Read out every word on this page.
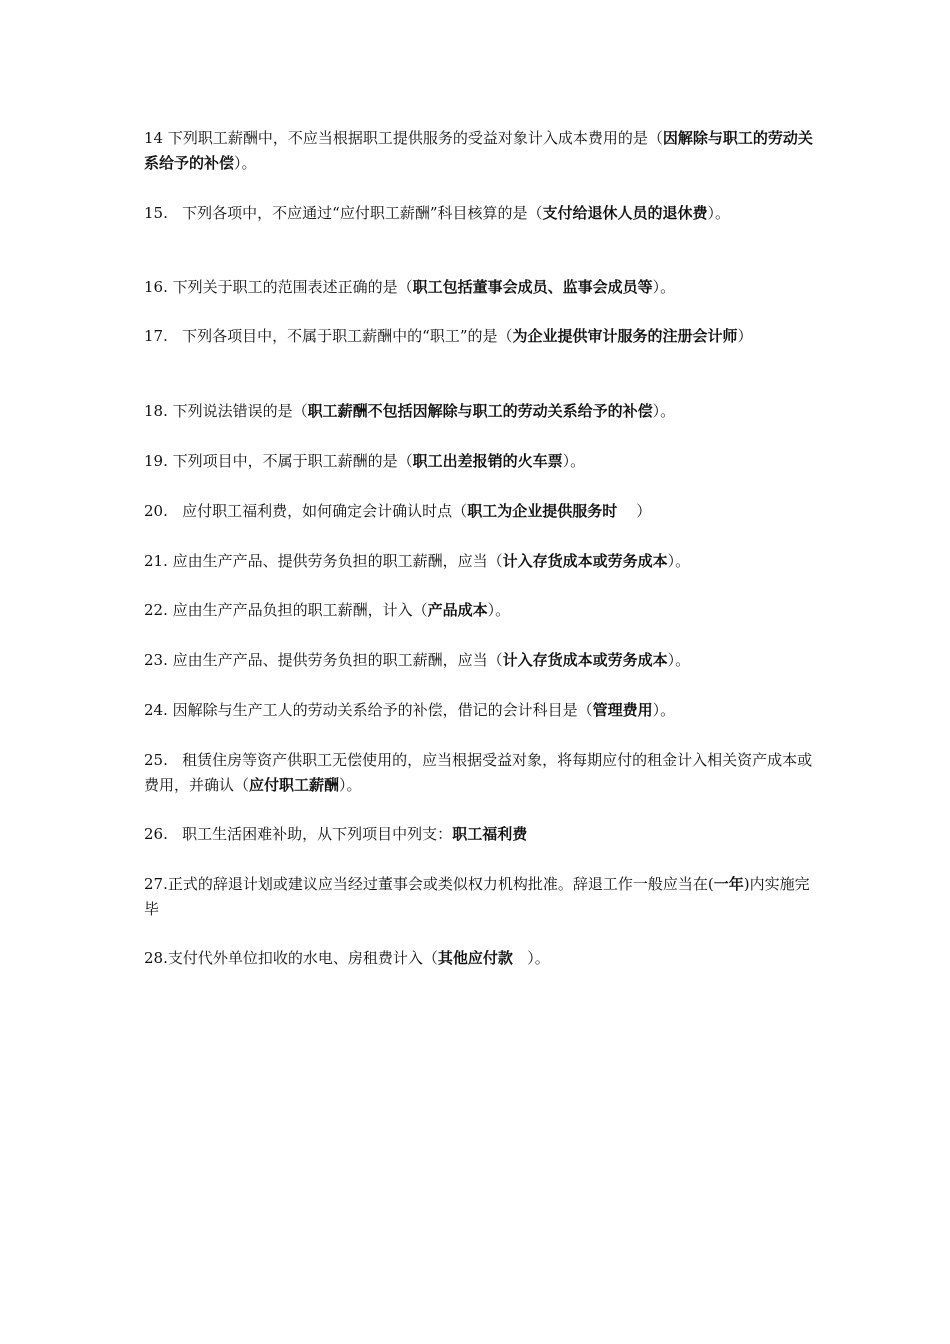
14 下列职工薪酬中，不应当根据职工提供服务的受益对象计入成本费用的是（因解除与职工的劳动关系给予的补偿）。

15. 下列各项中，不应通过“应付职工薪酬”科目核算的是（支付给退休人员的退休费）。

16. 下列关于职工的范围表述正确的是（职工包括董事会成员、监事会成员等）。

17. 下列各项目中，不属于职工薪酬中的“职工”的是（为企业提供审计服务的注册会计师）

18. 下列说法错误的是（职工薪酬不包括因解除与职工的劳动关系给予的补偿）。

19. 下列项目中，不属于职工薪酬的是（职工出差报销的火车票）。

20. 应付职工福利费，如何确定会计确认时点（职工为企业提供服务时    ）

21. 应由生产产品、提供劳务负担的职工薪酬，应当（计入存货成本或劳务成本）。

22. 应由生产产品负担的职工薪酬，计入（产品成本）。

23. 应由生产产品、提供劳务负担的职工薪酬，应当（计入存货成本或劳务成本）。

24. 因解除与生产工人的劳动关系给予的补偿，借记的会计科目是（管理费用）。

25. 租赁住房等资产供职工无偿使用的，应当根据受益对象，将每期应付的租金计入相关资产成本或费用，并确认（应付职工薪酬）。

26. 职工生活困难补助，从下列项目中列支：职工福利费

27.正式的辞退计划或建议应当经过董事会或类似权力机构批准。辞退工作一般应当在(一年)内实施完毕

28.支付代外单位扣收的水电、房租费计入（其他应付款   ）。
